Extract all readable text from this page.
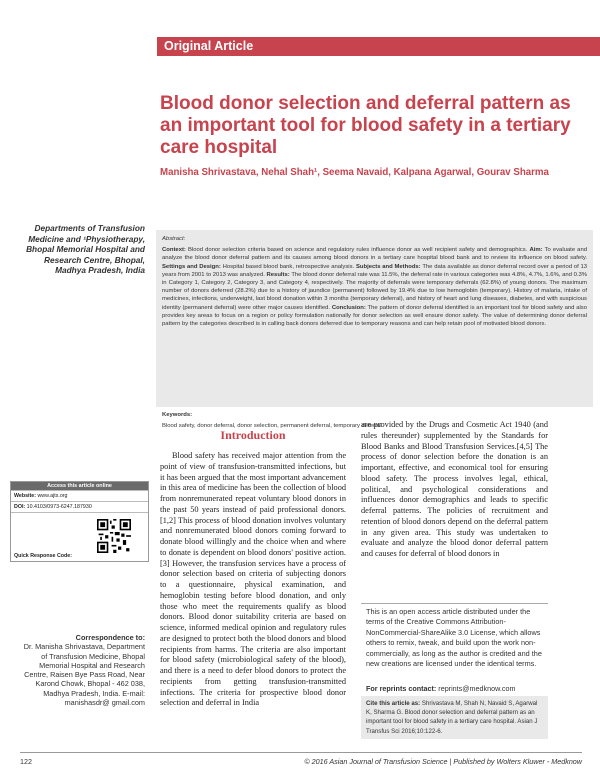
Original Article
Blood donor selection and deferral pattern as an important tool for blood safety in a tertiary care hospital
Manisha Shrivastava, Nehal Shah¹, Seema Navaid, Kalpana Agarwal, Gourav Sharma
Departments of Transfusion Medicine and ¹Physiotherapy, Bhopal Memorial Hospital and Research Centre, Bhopal, Madhya Pradesh, India
Access this article online
Website: www.ajts.org
DOI: 10.4103/0973-6247.187930
Quick Response Code:
Correspondence to:
Dr. Manisha Shrivastava, Department of Transfusion Medicine, Bhopal Memorial Hospital and Research Centre, Raisen Bye Pass Road, Near Karond Chowk, Bhopal - 462 038, Madhya Pradesh, India. E-mail: manishasdr@ gmail.com
Abstract:
Context: Blood donor selection criteria based on science and regulatory rules influence donor as well recipient safety and demographics. Aim: To evaluate and analyze the blood donor deferral pattern and its causes among blood donors in a tertiary care hospital blood bank and to review its influence on blood safety. Settings and Design: Hospital based blood bank, retrospective analysis. Subjects and Methods: The data available as donor deferral record over a period of 13 years from 2001 to 2013 was analyzed. Results: The blood donor deferral rate was 11.5%, the deferral rate in various categories was 4.8%, 4.7%, 1.6%, and 0.3% in Category 1, Category 2, Category 3, and Category 4, respectively. The majority of deferrals were temporary deferrals (62.8%) of young donors. The maximum number of donors deferred (28.2%) due to a history of jaundice (permanent) followed by 19.4% due to low hemoglobin (temporary). History of malaria, intake of medicines, infections, underweight, last blood donation within 3 months (temporary deferral), and history of heart and lung diseases, diabetes, and with suspicious identity (permanent deferral) were other major causes identified. Conclusion: The pattern of donor deferral identified is an important tool for blood safety and also provides key areas to focus on a region or policy formulation nationally for donor selection as well ensure donor safety. The value of determining donor deferral pattern by the categories described is in calling back donors deferred due to temporary reasons and can help retain pool of motivated blood donors.
Keywords:
Blood safety, donor deferral, donor selection, permanent deferral, temporary deferral
Introduction
Blood safety has received major attention from the point of view of transfusion-transmitted infections, but it has been argued that the most important advancement in this area of medicine has been the collection of blood from nonremunerated repeat voluntary blood donors in the past 50 years instead of paid professional donors.[1,2] This process of blood donation involves voluntary and nonremunerated blood donors coming forward to donate blood willingly and the choice when and where to donate is dependent on blood donors' positive action.[3] However, the transfusion services have a process of donor selection based on criteria of subjecting donors to a questionnaire, physical examination, and hemoglobin testing before blood donation, and only those who meet the requirements qualify as blood donors. Blood donor suitability criteria are based on science, informed medical opinion and regulatory rules are designed to protect both the blood donors and blood recipients from harms. The criteria are also important for blood safety (microbiological safety of the blood), and there is a need to defer blood donors to protect the recipients from getting transfusion-transmitted infections. The criteria for prospective blood donor selection and deferral in India
are provided by the Drugs and Cosmetic Act 1940 (and rules thereunder) supplemented by the Standards for Blood Banks and Blood Transfusion Services.[4,5] The process of donor selection before the donation is an important, effective, and economical tool for ensuring blood safety. The process involves legal, ethical, political, and psychological considerations and influences donor demographics and leads to specific deferral patterns. The policies of recruitment and retention of blood donors depend on the deferral pattern in any given area. This study was undertaken to evaluate and analyze the blood donor deferral pattern and causes for deferral of blood donors in
This is an open access article distributed under the terms of the Creative Commons Attribution-NonCommercial-ShareAlike 3.0 License, which allows others to remix, tweak, and build upon the work non-commercially, as long as the author is credited and the new creations are licensed under the identical terms.
For reprints contact: reprints@medknow.com
Cite this article as: Shrivastava M, Shah N, Navaid S, Agarwal K, Sharma G. Blood donor selection and deferral pattern as an important tool for blood safety in a tertiary care hospital. Asian J Transfus Sci 2016;10:122-6.
122	© 2016 Asian Journal of Transfusion Science | Published by Wolters Kluwer - Medknow
